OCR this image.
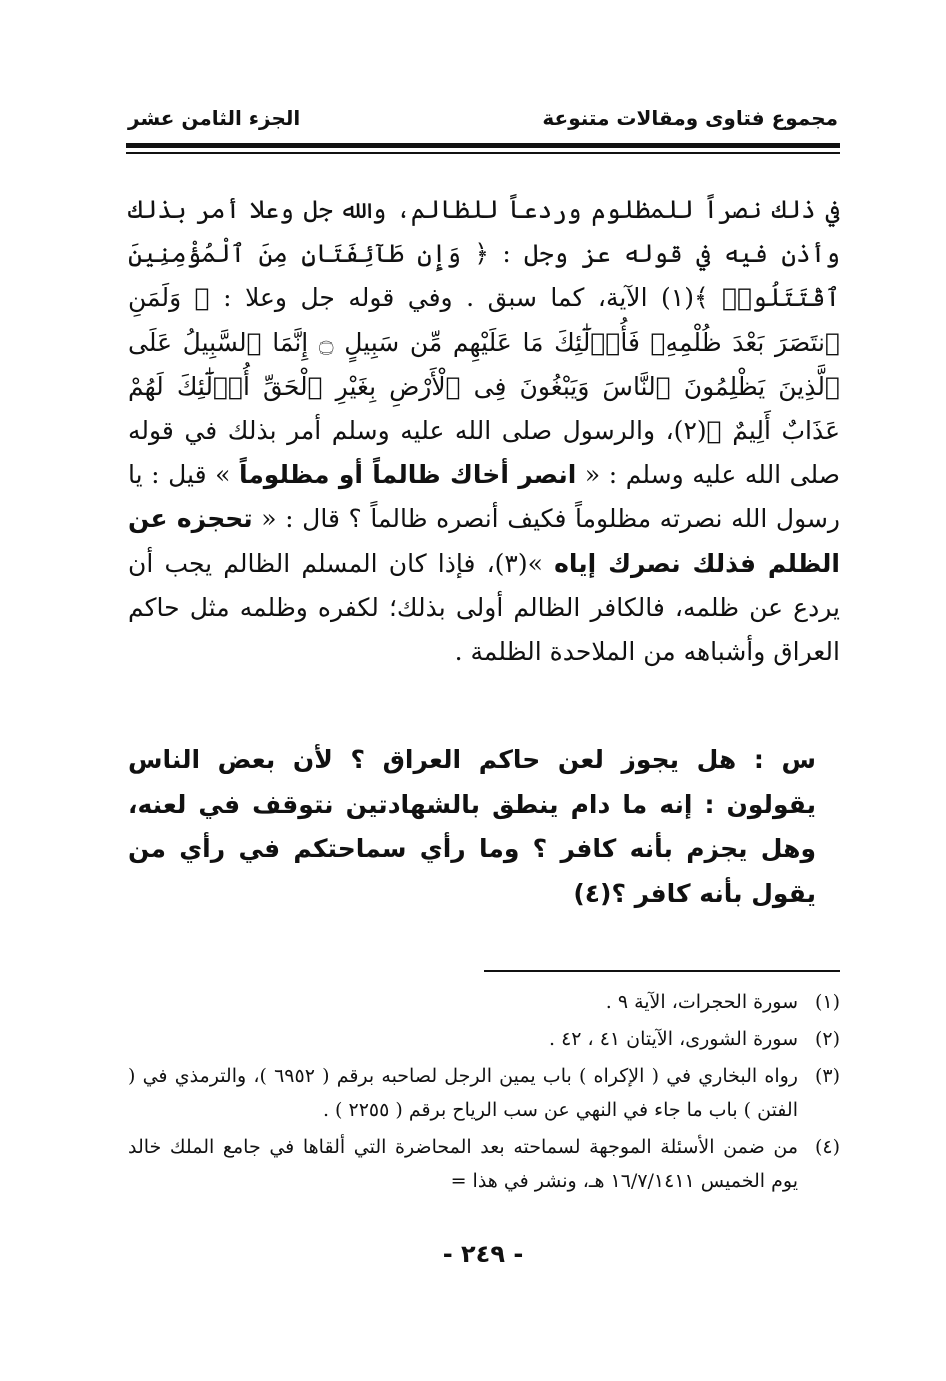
مجموع فتاوى ومقالات متنوعة
الجزء الثامن عشر

في ذلك نصراً للمظلوم وردعاً للظالم، والله جل وعلا أمر بذلك وأذن فيه في قوله عز وجل : ﴿ وَإِن طَآئِفَتَانِ مِنَ ٱلْمُؤْمِنِينَ ٱقْتَتَلُوا۟ ﴾(١) الآية، كما سبق . وفي قوله جل وعلا : ﴿ وَلَمَنِ ٱنتَصَرَ بَعْدَ ظُلْمِهِۦ فَأُو۟لَٰٓئِكَ مَا عَلَيْهِم مِّن سَبِيلٍ ۝ إِنَّمَا ٱلسَّبِيلُ عَلَى ٱلَّذِينَ يَظْلِمُونَ ٱلنَّاسَ وَيَبْغُونَ فِى ٱلْأَرْضِ بِغَيْرِ ٱلْحَقِّ أُو۟لَٰٓئِكَ لَهُمْ عَذَابٌ أَلِيمٌ ﴾(٢)، والرسول صلى الله عليه وسلم أمر بذلك في قوله صلى الله عليه وسلم : « انصر أخاك ظالماً أو مظلوماً » قيل : يا رسول الله نصرته مظلوماً فكيف أنصره ظالماً ؟ قال : « تحجزه عن الظلم فذلك نصرك إياه »(٣)، فإذا كان المسلم الظالم يجب أن يردع عن ظلمه، فالكافر الظالم أولى بذلك؛ لكفره وظلمه مثل حاكم العراق وأشباهه من الملاحدة الظلمة .

س : هل يجوز لعن حاكم العراق ؟ لأن بعض الناس يقولون : إنه ما دام ينطق بالشهادتين نتوقف في لعنه، وهل يجزم بأنه كافر ؟ وما رأي سماحتكم في رأي من يقول بأنه كافر ؟(٤)

(١)
سورة الحجرات، الآية ٩ .
(٢)
سورة الشورى، الآيتان ٤١ ، ٤٢ .
(٣)
رواه البخاري في ( الإكراه ) باب يمين الرجل لصاحبه برقم ( ٦٩٥٢ )، والترمذي في ( الفتن ) باب ما جاء في النهي عن سب الرياح برقم ( ٢٢٥٥ ) .
(٤)
من ضمن الأسئلة الموجهة لسماحته بعد المحاضرة التي ألقاها في جامع الملك خالد يوم الخميس ١٦/٧/١٤١١ هـ، ونشر في هذا =
- ٢٤٩ -
